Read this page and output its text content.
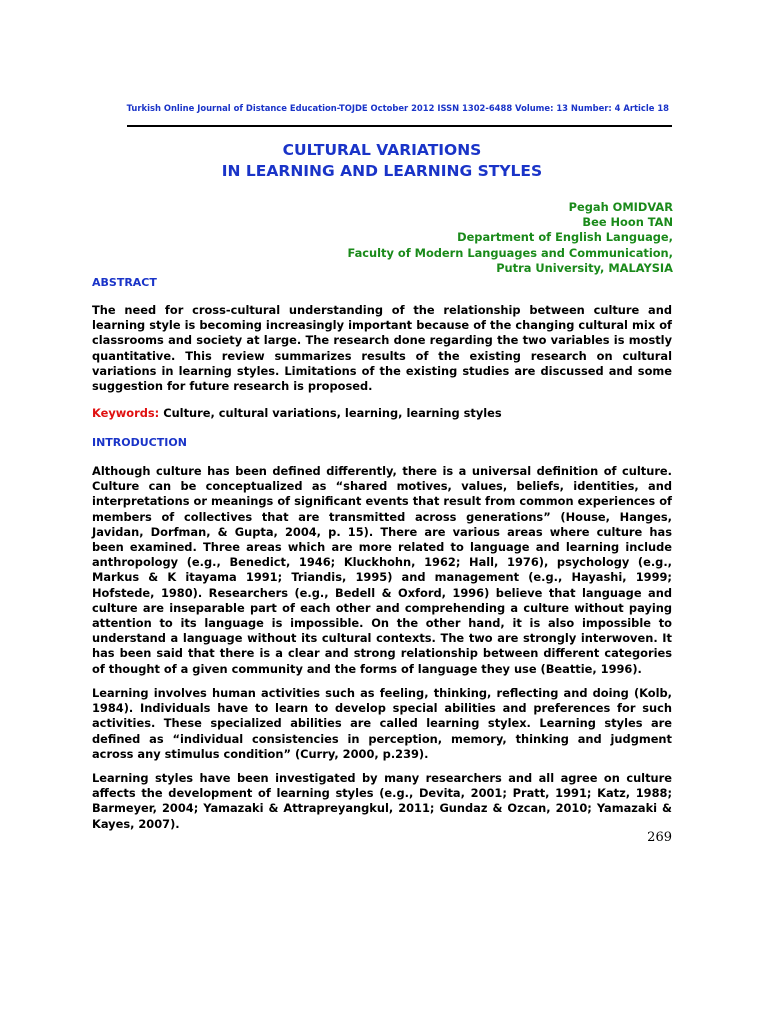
Turkish Online Journal of Distance Education-TOJDE October 2012 ISSN 1302-6488 Volume: 13 Number: 4 Article 18
CULTURAL VARIATIONS
IN LEARNING AND LEARNING STYLES
Pegah OMIDVAR
Bee Hoon TAN
Department of English Language,
Faculty of Modern Languages and Communication,
Putra University, MALAYSIA
ABSTRACT
The need for cross-cultural understanding of the relationship between culture and
learning style is becoming increasingly important because of the changing cultural mix of
classrooms and society at large. The research done regarding the two variables is mostly
quantitative. This review summarizes results of the existing research on cultural
variations in learning styles. Limitations of the existing studies are discussed and some
suggestion for future research is proposed.
Keywords: Culture, cultural variations, learning, learning styles
INTRODUCTION
Although culture has been defined differently, there is a universal definition of culture.
Culture can be conceptualized as “shared motives, values, beliefs, identities, and
interpretations or meanings of significant events that result from common experiences of
members of collectives that are transmitted across generations” (House, Hanges,
Javidan, Dorfman, & Gupta, 2004, p. 15). There are various areas where culture has
been examined. Three areas which are more related to language and learning include
anthropology (e.g., Benedict, 1946; Kluckhohn, 1962; Hall, 1976), psychology (e.g.,
Markus & K itayama 1991; Triandis, 1995) and management (e.g., Hayashi, 1999;
Hofstede, 1980). Researchers (e.g., Bedell & Oxford, 1996) believe that language and
culture are inseparable part of each other and comprehending a culture without paying
attention to its language is impossible. On the other hand, it is also impossible to
understand a language without its cultural contexts. The two are strongly interwoven. It
has been said that there is a clear and strong relationship between different categories
of thought of a given community and the forms of language they use (Beattie, 1996).
Learning involves human activities such as feeling, thinking, reflecting and doing (Kolb,
1984). Individuals have to learn to develop special abilities and preferences for such
activities. These specialized abilities are called learning stylex. Learning styles are
defined as “individual consistencies in perception, memory, thinking and judgment
across any stimulus condition” (Curry, 2000, p.239).
Learning styles have been investigated by many researchers and all agree on culture
affects the development of learning styles (e.g., Devita, 2001; Pratt, 1991; Katz, 1988;
Barmeyer, 2004; Yamazaki & Attrapreyangkul, 2011; Gundaz & Ozcan, 2010; Yamazaki &
Kayes, 2007).
269
